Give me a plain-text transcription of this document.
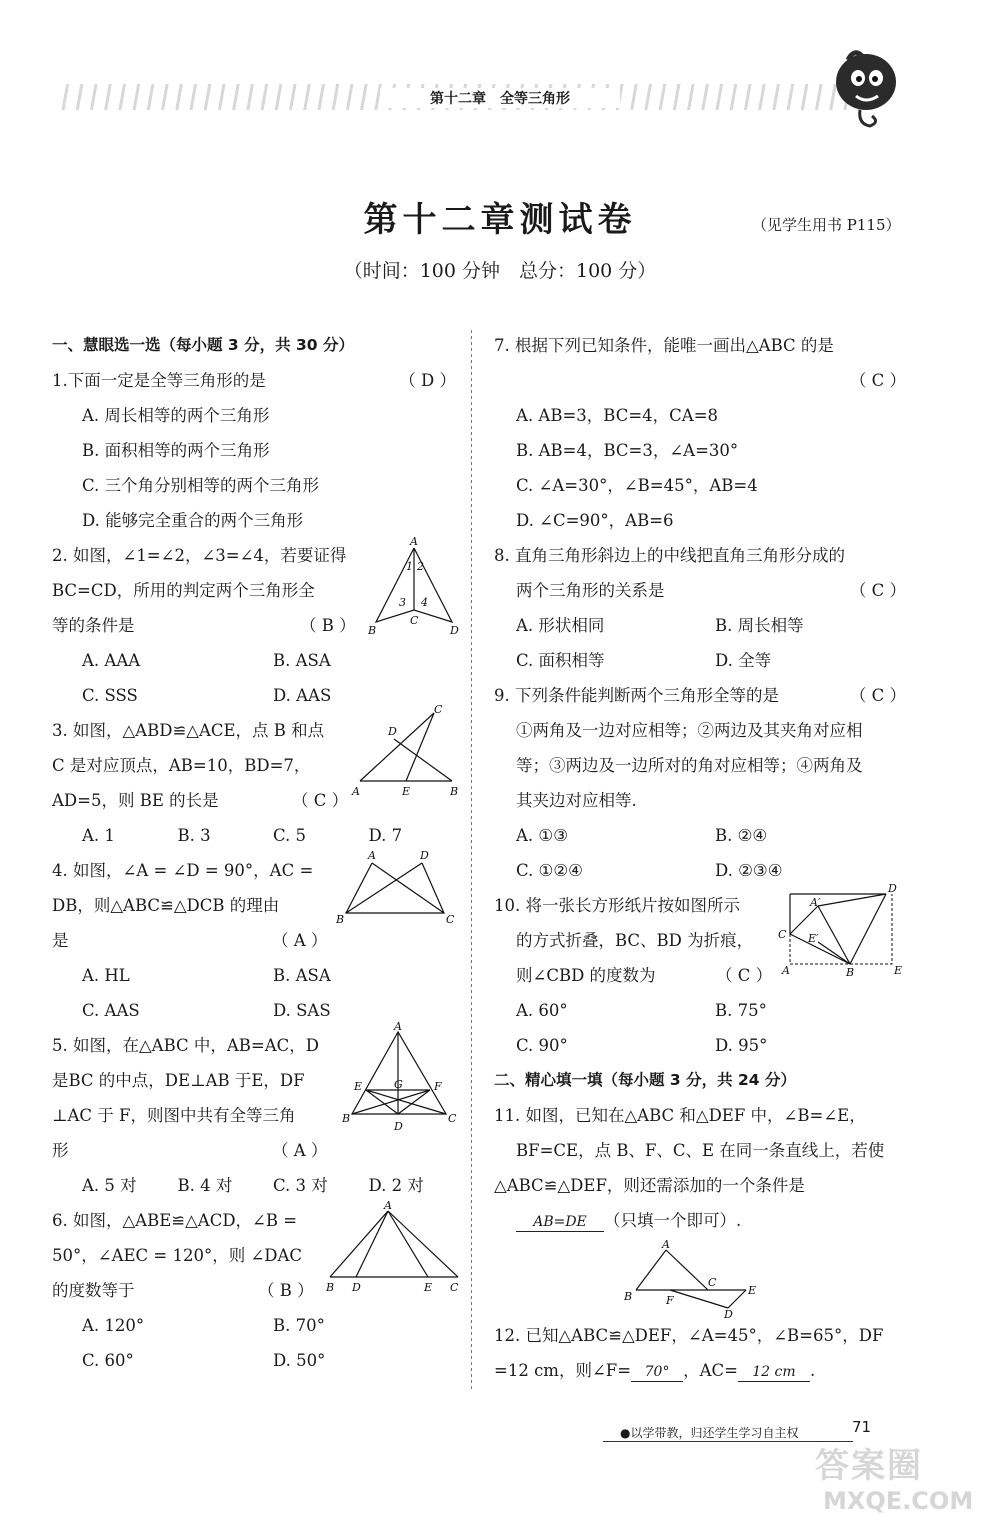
第十二章　全等三角形
第十二章测试卷	（见学生用书 P115）
（时间：100 分钟　总分：100 分）
一、慧眼选一选（每小题 3 分，共 30 分）
1.下面一定是全等三角形的是	（ D ）
A. 周长相等的两个三角形
B. 面积相等的两个三角形
C. 三个角分别相等的两个三角形
D. 能够完全重合的两个三角形
2. 如图，∠1=∠2，∠3=∠4，若要证得
BC=CD，所用的判定两个三角形全
等的条件是	（ B ）
A. AAA	B. ASA
C. SSS	D. AAS
A
B
C
D
1 2
3 4
3. 如图，△ABD≌△ACE，点 B 和点
C 是对应顶点，AB=10，BD=7，
AD=5，则 BE 的长是	（ C ）
A. 1	B. 3	C. 5	D. 7
A	B
C
D
E
4. 如图，∠A = ∠D = 90°，AC =
DB，则△ABC≌△DCB 的理由
是	（ A ）
A. HL	B. ASA
C. AAS	D. SAS
A
B	C
D
5. 如图，在△ABC 中，AB=AC，D
是BC 的中点，DE⊥AB 于E，DF
⊥AC 于 F，则图中共有全等三角
形	（ A ）
A. 5 对	B. 4 对	C. 3 对	D. 2 对
A
B	C
D
E	F
G
6. 如图，△ABE≌△ACD，∠B =
50°，∠AEC = 120°，则 ∠DAC
的度数等于	（ B ）
A. 120°	B. 70°
C. 60°	D. 50°
A
B	C
D	E
7. 根据下列已知条件，能唯一画出△ABC 的是
（ C ）
A. AB=3，BC=4，CA=8
B. AB=4，BC=3，∠A=30°
C. ∠A=30°，∠B=45°，AB=4
D. ∠C=90°，AB=6
8. 直角三角形斜边上的中线把直角三角形分成的
两个三角形的关系是	（ C ）
A. 形状相同	B. 周长相等
C. 面积相等	D. 全等
9. 下列条件能判断两个三角形全等的是	（ C ）
①两角及一边对应相等；②两边及其夹角对应相
等；③两边及一边所对的角对应相等；④两角及
其夹边对应相等.
A. ①③	B. ②④
C. ①②④	D. ②③④
10. 将一张长方形纸片按如图所示
的方式折叠，BC、BD 为折痕，
则∠CBD 的度数为	（ C ）
A. 60°	B. 75°
C. 90°	D. 95°
A
A′
B
C
D
E
E′
二、精心填一填（每小题 3 分，共 24 分）
11. 如图，已知在△ABC 和△DEF 中，∠B=∠E，
BF=CE，点 B、F、C、E 在同一条直线上，若使
△ABC≌△DEF，则还需添加的一个条件是
AB=DE （只填一个即可）.
A
B
C
D
E
F
12. 已知△ABC≌△DEF，∠A=45°，∠B=65°，DF
=12 cm，则∠F= 70° ，AC= 12 cm .
●以学带教，归还学生学习自主权	71
答案圈
MXQE.COM
